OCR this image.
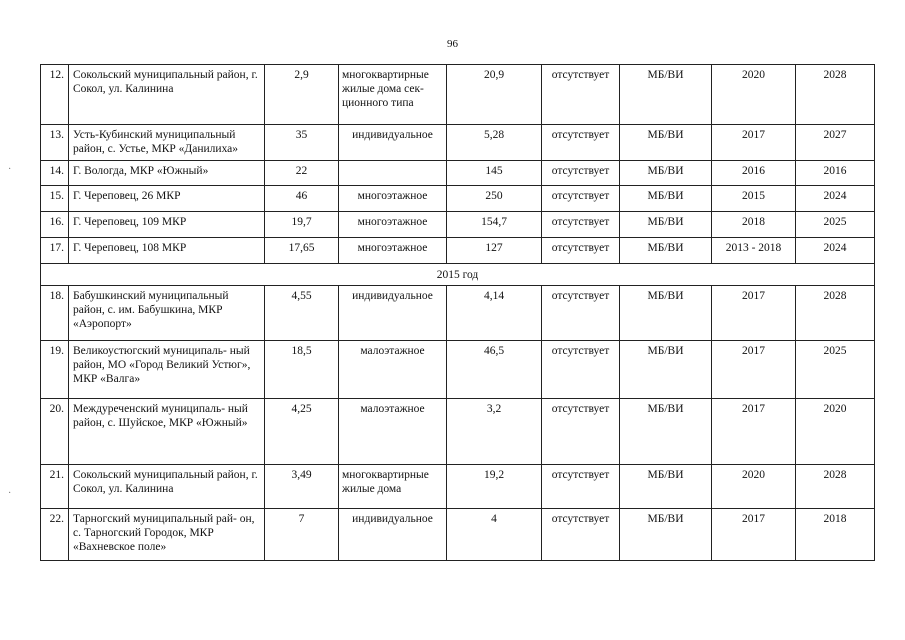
96
·
·
12.	Сокольский муниципальный район, г. Сокол, ул. Калинина	2,9	многоквартирные жилые дома сек- ционного типа	20,9	отсутствует	МБ/ВИ	2020	2028
13.	Усть-Кубинский муниципальный район, с. Устье, МКР «Данилиха»	35	индивидуальное	5,28	отсутствует	МБ/ВИ	2017	2027
14.	Г. Вологда, МКР «Южный»	22		145	отсутствует	МБ/ВИ	2016	2016
15.	Г. Череповец, 26 МКР	46	многоэтажное	250	отсутствует	МБ/ВИ	2015	2024
16.	Г. Череповец, 109 МКР	19,7	многоэтажное	154,7	отсутствует	МБ/ВИ	2018	2025
17.	Г. Череповец, 108 МКР	17,65	многоэтажное	127	отсутствует	МБ/ВИ	2013 - 2018	2024
2015 год								
18.	Бабушкинский муниципальный район, с. им. Бабушкина, МКР «Аэропорт»	4,55	индивидуальное	4,14	отсутствует	МБ/ВИ	2017	2028
19.	Великоустюгский муниципаль- ный район, МО «Город Великий Устюг», МКР «Валга»	18,5	малоэтажное	46,5	отсутствует	МБ/ВИ	2017	2025
20.	Междуреченский муниципаль- ный район, с. Шуйское, МКР «Южный»	4,25	малоэтажное	3,2	отсутствует	МБ/ВИ	2017	2020
21.	Сокольский муниципальный район, г. Сокол, ул. Калинина	3,49	многоквартирные жилые дома	19,2	отсутствует	МБ/ВИ	2020	2028
22.	Тарногский муниципальный рай- он, с. Тарногский Городок, МКР «Вахневское поле»	7	индивидуальное	4	отсутствует	МБ/ВИ	2017	2018
